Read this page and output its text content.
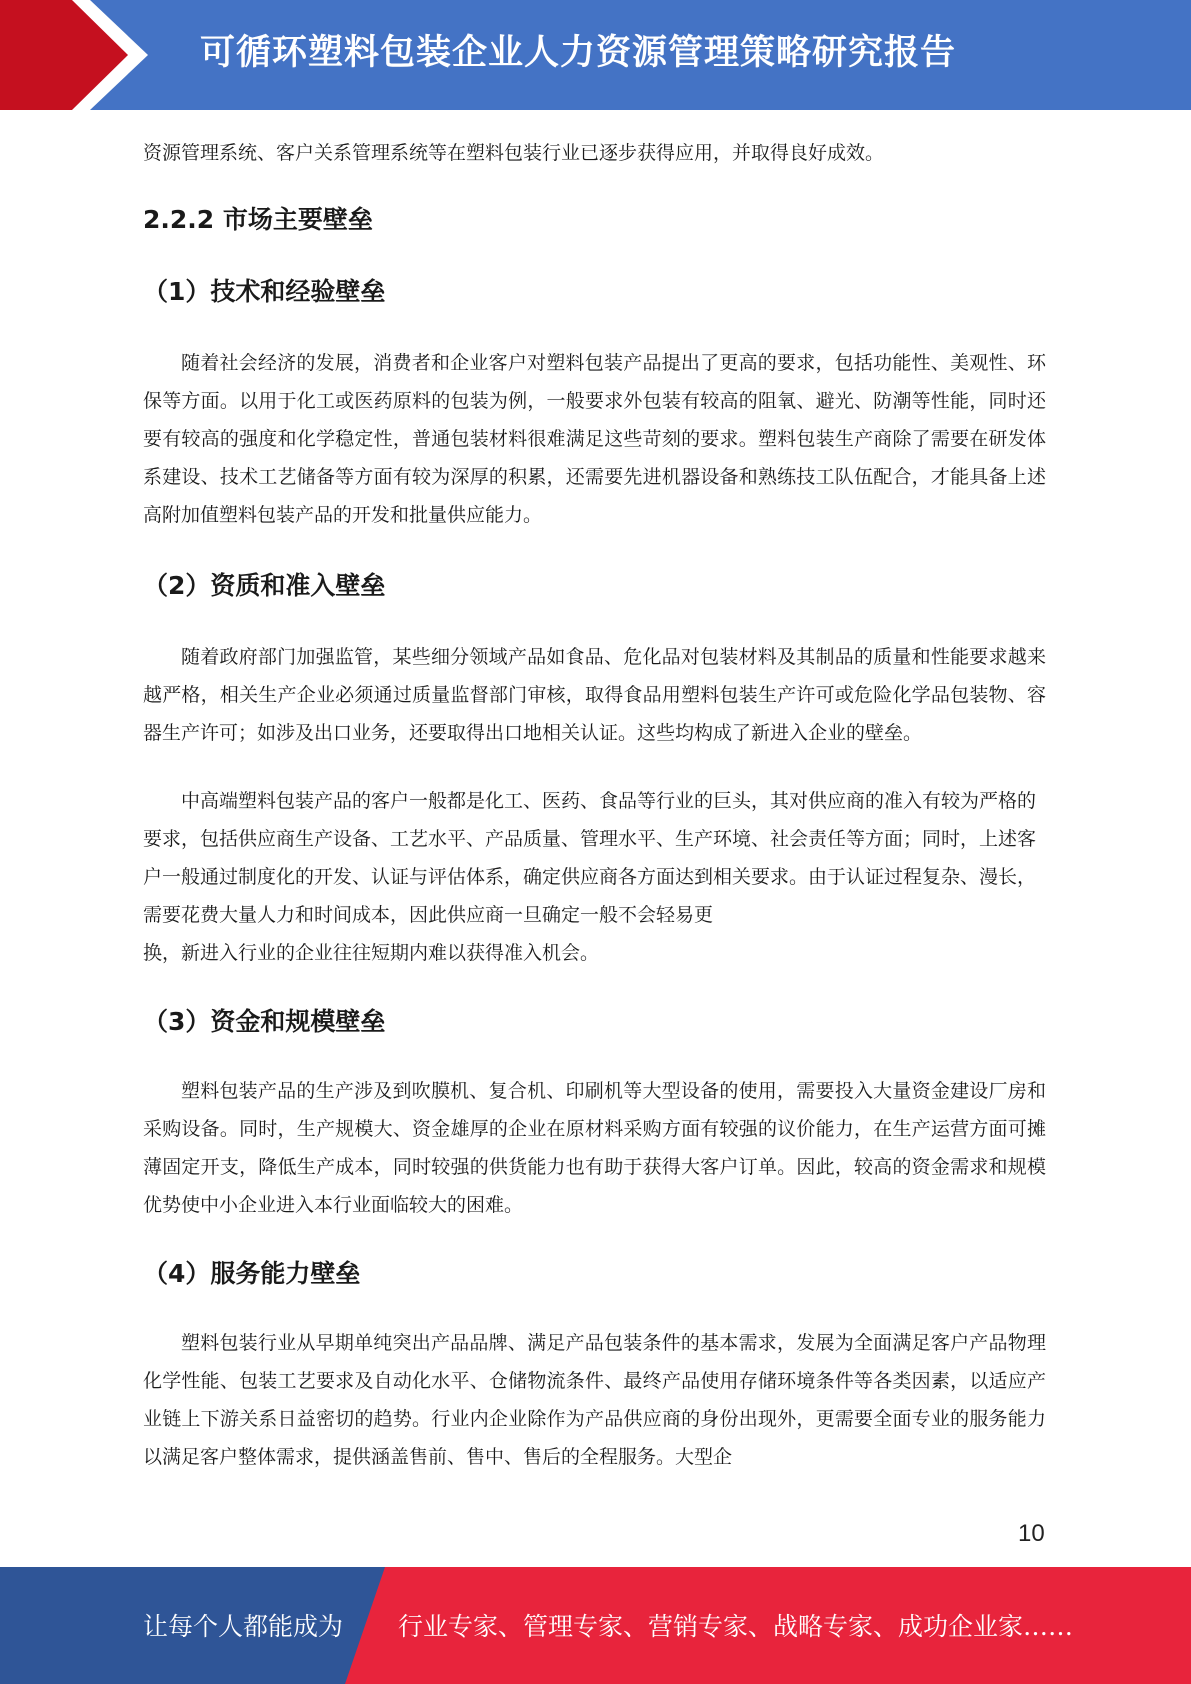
可循环塑料包装企业人力资源管理策略研究报告

资源管理系统、客户关系管理系统等在塑料包装行业已逐步获得应用，并取得良好成效。

2.2.2 市场主要壁垒
（1）技术和经验壁垒

随着社会经济的发展，消费者和企业客户对塑料包装产品提出了更高的要求，包括功能性、美观性、环保等方面。以用于化工或医药原料的包装为例，一般要求外包装有较高的阻氧、避光、防潮等性能，同时还要有较高的强度和化学稳定性，普通包装材料很难满足这些苛刻的要求。塑料包装生产商除了需要在研发体系建设、技术工艺储备等方面有较为深厚的积累，还需要先进机器设备和熟练技工队伍配合，才能具备上述高附加值塑料包装产品的开发和批量供应能力。

（2）资质和准入壁垒

随着政府部门加强监管，某些细分领域产品如食品、危化品对包装材料及其制品的质量和性能要求越来越严格，相关生产企业必须通过质量监督部门审核，取得食品用塑料包装生产许可或危险化学品包装物、容器生产许可；如涉及出口业务，还要取得出口地相关认证。这些均构成了新进入企业的壁垒。

中高端塑料包装产品的客户一般都是化工、医药、食品等行业的巨头，其对供应商的准入有较为严格的要求，包括供应商生产设备、工艺水平、产品质量、管理水平、生产环境、社会责任等方面；同时，上述客户一般通过制度化的开发、认证与评估体系，确定供应商各方面达到相关要求。由于认证过程复杂、漫长，需要花费大量人力和时间成本，因此供应商一旦确定一般不会轻易更

换，新进入行业的企业往往短期内难以获得准入机会。

（3）资金和规模壁垒

塑料包装产品的生产涉及到吹膜机、复合机、印刷机等大型设备的使用，需要投入大量资金建设厂房和采购设备。同时，生产规模大、资金雄厚的企业在原材料采购方面有较强的议价能力，在生产运营方面可摊薄固定开支，降低生产成本，同时较强的供货能力也有助于获得大客户订单。因此，较高的资金需求和规模优势使中小企业进入本行业面临较大的困难。

（4）服务能力壁垒

塑料包装行业从早期单纯突出产品品牌、满足产品包装条件的基本需求，发展为全面满足客户产品物理化学性能、包装工艺要求及自动化水平、仓储物流条件、最终产品使用存储环境条件等各类因素，以适应产业链上下游关系日益密切的趋势。行业内企业除作为产品供应商的身份出现外，更需要全面专业的服务能力以满足客户整体需求，提供涵盖售前、售中、售后的全程服务。大型企

10
让每个人都能成为 行业专家、管理专家、营销专家、战略专家、成功企业家……
